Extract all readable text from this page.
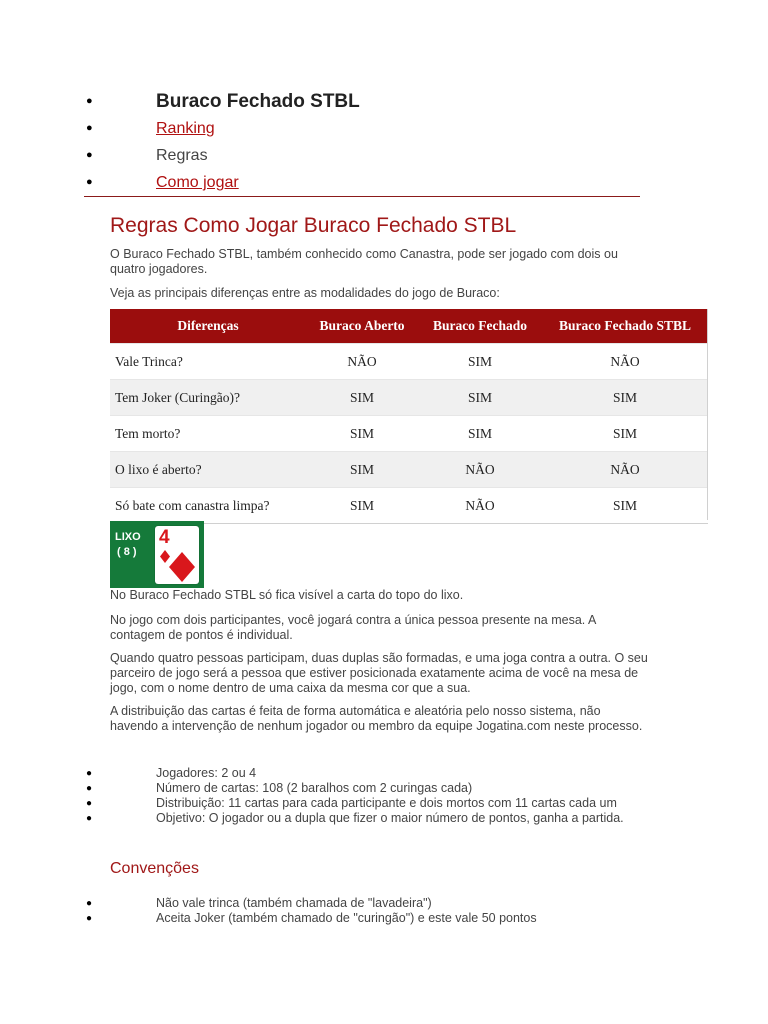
●	Buraco Fechado STBL
●	Ranking
●	Regras
●	Como jogar
Regras Como Jogar Buraco Fechado STBL

O Buraco Fechado STBL, também conhecido como Canastra, pode ser jogado com dois ou quatro jogadores.

Veja as principais diferenças entre as modalidades do jogo de Buraco:

Diferenças	Buraco Aberto	Buraco Fechado	Buraco Fechado STBL
Vale Trinca?	NÃO	SIM	NÃO
Tem Joker (Curingão)?	SIM	SIM	SIM
Tem morto?	SIM	SIM	SIM
O lixo é aberto?	SIM	NÃO	NÃO
Só bate com canastra limpa?	SIM	NÃO	SIM
LIXO
( 8 )
4

No Buraco Fechado STBL só fica visível a carta do topo do lixo.

No jogo com dois participantes, você jogará contra a única pessoa presente na mesa. A contagem de pontos é individual.

Quando quatro pessoas participam, duas duplas são formadas, e uma joga contra a outra. O seu parceiro de jogo será a pessoa que estiver posicionada exatamente acima de você na mesa de jogo, com o nome dentro de uma caixa da mesma cor que a sua.

A distribuição das cartas é feita de forma automática e aleatória pelo nosso sistema, não havendo a intervenção de nenhum jogador ou membro da equipe Jogatina.com neste processo.

●	Jogadores: 2 ou 4
●	Número de cartas: 108 (2 baralhos com 2 curingas cada)
●	Distribuição: 11 cartas para cada participante e dois mortos com 11 cartas cada um
●	Objetivo: O jogador ou a dupla que fizer o maior número de pontos, ganha a partida.
Convenções
●	Não vale trinca (também chamada de "lavadeira")
●	Aceita Joker (também chamado de "curingão") e este vale 50 pontos
